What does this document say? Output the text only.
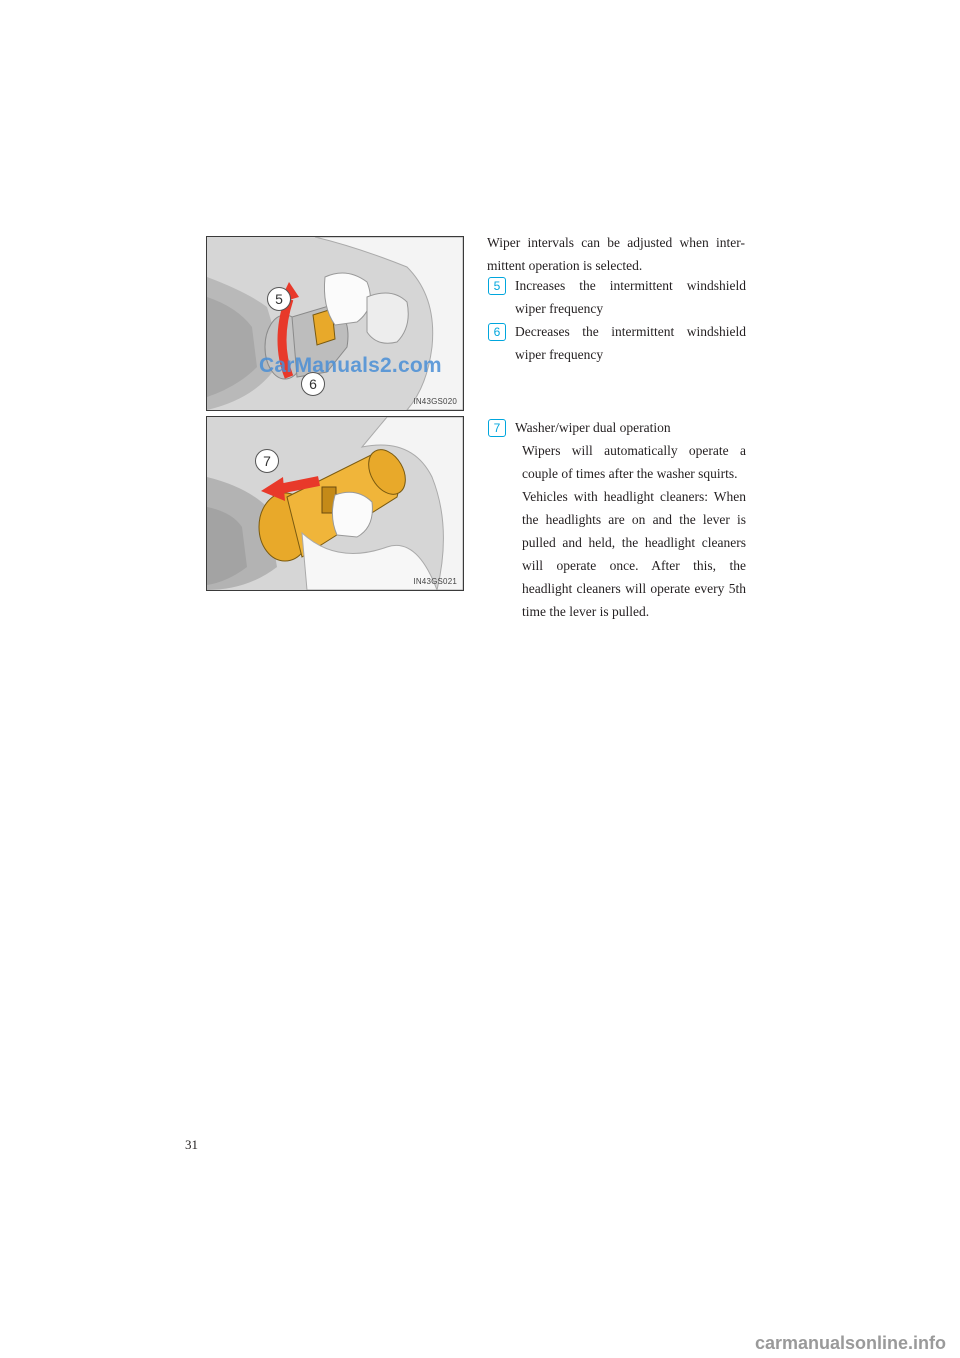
5
6
CarManuals2.com
IN43GS020
7
IN43GS021
Wiper intervals can be adjusted when inter-mittent operation is selected.
5	Increases the intermittent windshield wiper frequency
6	Decreases the intermittent windshield wiper frequency
7	Washer/wiper dual operation
Wipers will automatically operate a couple of times after the washer squirts.
Vehicles with headlight cleaners: When the headlights are on and the lever is pulled and held, the headlight cleaners will operate once. After this, the headlight cleaners will operate every 5th time the lever is pulled.
31
carmanualsonline.info
